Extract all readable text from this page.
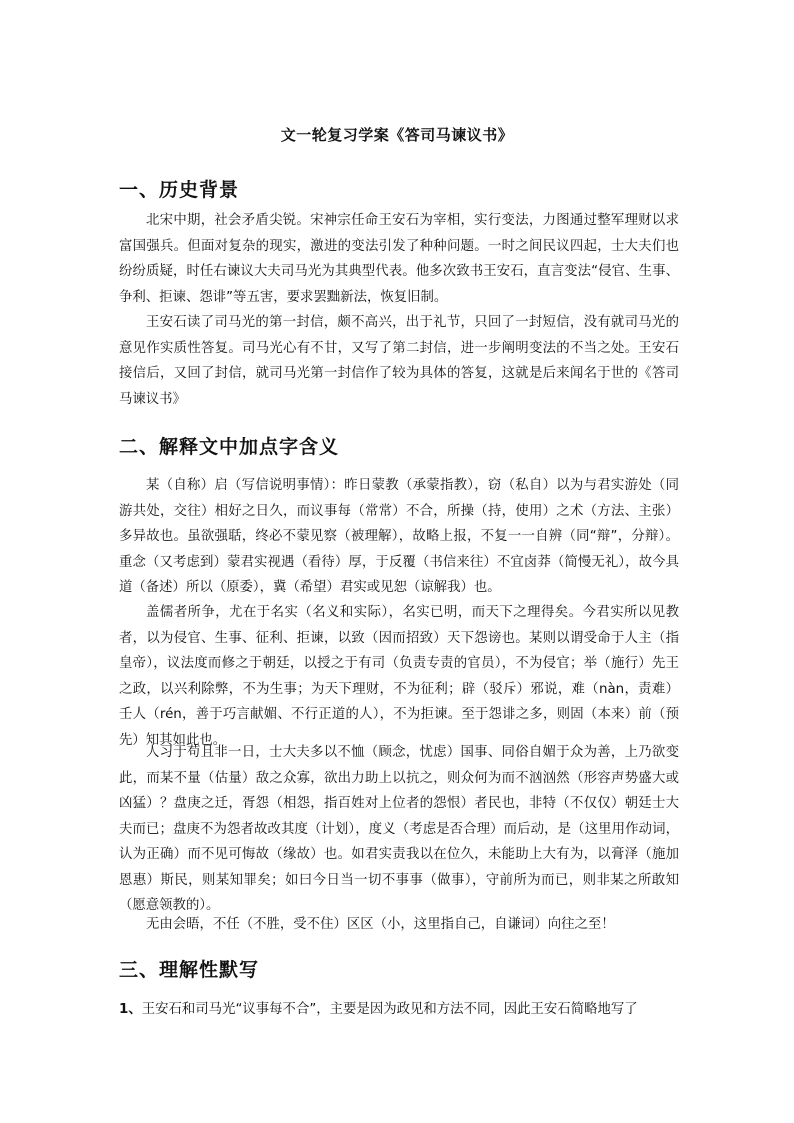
文一轮复习学案《答司马谏议书》
一、历史背景

北宋中期，社会矛盾尖锐。宋神宗任命王安石为宰相，实行变法，力图通过整军理财以求富国强兵。但面对复杂的现实，激进的变法引发了种种问题。一时之间民议四起，士大夫们也纷纷质疑，时任右谏议大夫司马光为其典型代表。他多次致书王安石，直言变法“侵官、生事、争利、拒谏、怨诽”等五害，要求罢黜新法，恢复旧制。

王安石读了司马光的第一封信，颇不高兴，出于礼节，只回了一封短信，没有就司马光的意见作实质性答复。司马光心有不甘，又写了第二封信，进一步阐明变法的不当之处。王安石接信后，又回了封信，就司马光第一封信作了较为具体的答复，这就是后来闻名于世的《答司马谏议书》

二、解释文中加点字含义

某（自称）启（写信说明事情）：昨日蒙教（承蒙指教），窃（私自）以为与君实游处（同游共处，交往）相好之日久，而议事每（常常）不合，所操（持，使用）之术（方法、主张）多异故也。虽欲强聒，终必不蒙见察（被理解），故略上报，不复一一自辨（同“辩”，分辩）。重念（又考虑到）蒙君实视遇（看待）厚，于反覆（书信来往）不宜卤莽（简慢无礼），故今具道（备述）所以（原委），冀（希望）君实或见恕（谅解我）也。

盖儒者所争，尤在于名实（名义和实际），名实已明，而天下之理得矣。今君实所以见教者，以为侵官、生事、征利、拒谏，以致（因而招致）天下怨谤也。某则以谓受命于人主（指皇帝），议法度而修之于朝廷，以授之于有司（负责专责的官员），不为侵官；举（施行）先王之政，以兴利除弊，不为生事；为天下理财，不为征利；辟（驳斥）邪说，难（nàn，责难）壬人（rén，善于巧言献媚、不行正道的人），不为拒谏。至于怨诽之多，则固（本来）前（预先）知其如此也。

人习于苟且非一日，士大夫多以不恤（顾念，忧虑）国事、同俗自媚于众为善，上乃欲变此，而某不量（估量）敌之众寡，欲出力助上以抗之，则众何为而不汹汹然（形容声势盛大或凶猛）？盘庚之迁，胥怨（相怨，指百姓对上位者的怨恨）者民也，非特（不仅仅）朝廷士大夫而已；盘庚不为怨者故改其度（计划），度义（考虑是否合理）而后动，是（这里用作动词，认为正确）而不见可悔故（缘故）也。如君实责我以在位久，未能助上大有为，以膏泽（施加恩惠）斯民，则某知罪矣；如曰今日当一切不事事（做事），守前所为而已，则非某之所敢知（愿意领教的）。

无由会晤，不任（不胜，受不住）区区（小，这里指自己，自谦词）向往之至！

三、理解性默写
1、王安石和司马光“议事每不合”，主要是因为政见和方法不同，因此王安石简略地写了
